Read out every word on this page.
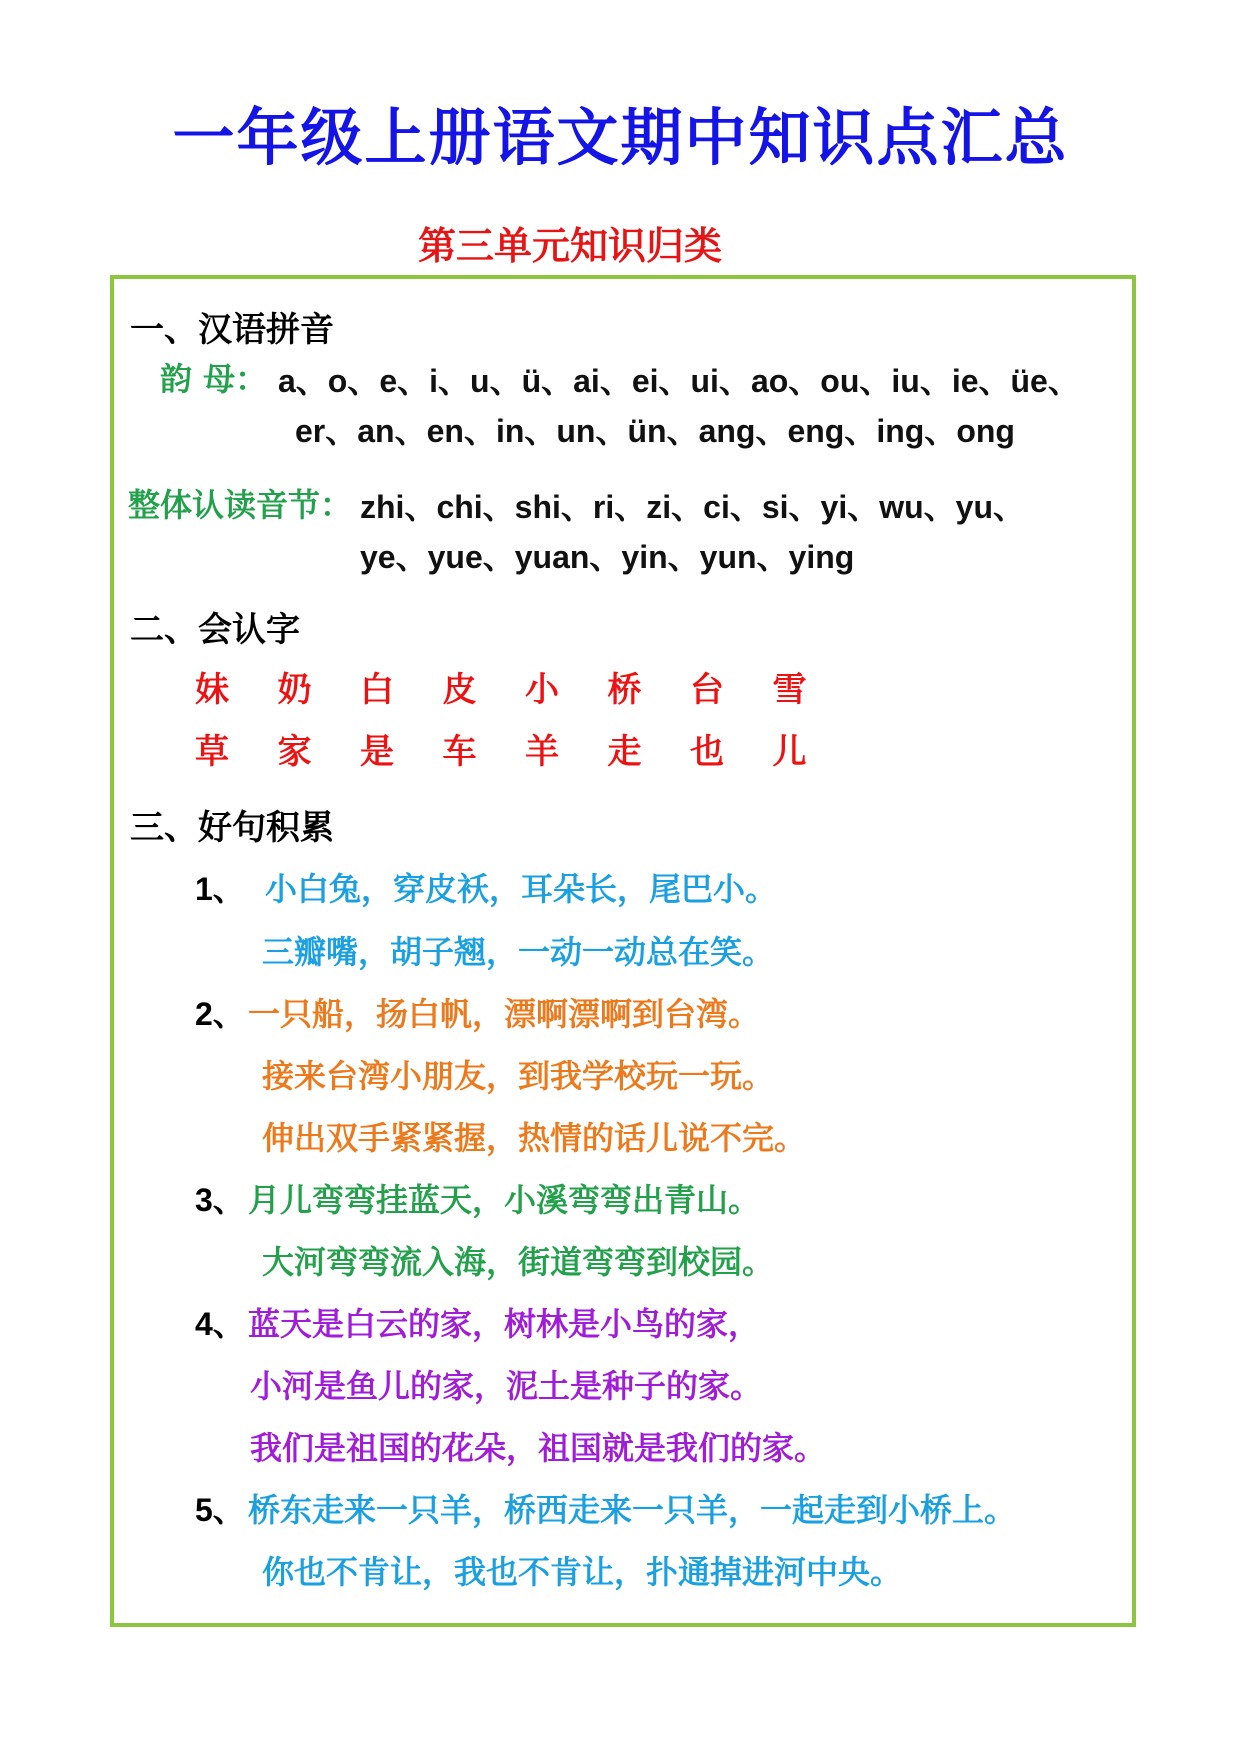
一年级上册语文期中知识点汇总
第三单元知识归类
一、汉语拼音
韵 母： a、o、e、i、u、ü、ai、ei、ui、ao、ou、iu、ie、üe、
er、an、en、in、un、ün、ang、eng、ing、ong
整体认读音节： zhi、chi、shi、ri、zi、ci、si、yi、wu、yu、
ye、yue、yuan、yin、yun、ying
二、会认字
妹	奶	白	皮	小	桥	台	雪
草	家	是	车	羊	走	也	儿
三、好句积累
1、 小白兔，穿皮袄，耳朵长，尾巴小。
三瓣嘴，胡子翘，一动一动总在笑。
2、 一只船，扬白帆，漂啊漂啊到台湾。
接来台湾小朋友，到我学校玩一玩。
伸出双手紧紧握，热情的话儿说不完。
3、 月儿弯弯挂蓝天，小溪弯弯出青山。
大河弯弯流入海，街道弯弯到校园。
4、 蓝天是白云的家，树林是小鸟的家，
小河是鱼儿的家，泥土是种子的家。
我们是祖国的花朵，祖国就是我们的家。
5、 桥东走来一只羊，桥西走来一只羊，一起走到小桥上。
你也不肯让，我也不肯让，扑通掉进河中央。
